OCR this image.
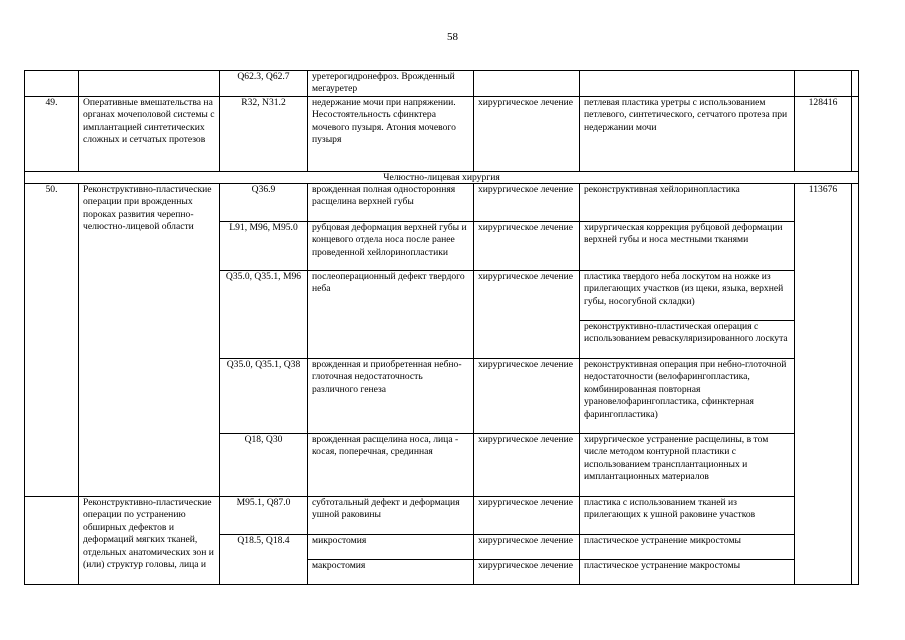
58
		Q62.3, Q62.7	уретерогидронефроз. Врожденный мегауретер				
49.	Оперативные вмешательства на органах мочеполовой системы с имплантацией синтетических сложных и сетчатых протезов	R32, N31.2	недержание мочи при напряжении. Несостоятельность сфинктера мочевого пузыря. Атония мочевого пузыря	хирургическое лечение	петлевая пластика уретры с использованием петлевого, синтетического, сетчатого протеза при недержании мочи	128416	
Челюстно-лицевая хирургия							
50.	Реконструктивно-пластические операции при врожденных пороках развития черепно-челюстно-лицевой области	Q36.9	врожденная полная односторонняя расщелина верхней губы	хирургическое лечение	реконструктивная хейлоринопластика	113676	
		L91, M96, M95.0	рубцовая деформация верхней губы и концевого отдела носа после ранее проведенной хейлоринопластики	хирургическое лечение	хирургическая коррекция рубцовой деформации верхней губы и носа местными тканями		
		Q35.0, Q35.1, M96	послеоперационный дефект твердого неба	хирургическое лечение	пластика твердого неба лоскутом на ножке из прилегающих участков (из щеки, языка, верхней губы, носогубной складки)		
					реконструктивно-пластическая операция с использованием реваскуляризированного лоскута		
		Q35.0, Q35.1, Q38	врожденная и приобретенная небно-глоточная недостаточность различного генеза	хирургическое лечение	реконструктивная операция при небно-глоточной недостаточности (велофарингопластика, комбинированная повторная урановелофарингопластика, сфинктерная фарингопластика)		
		Q18, Q30	врожденная расщелина носа, лица - косая, поперечная, срединная	хирургическое лечение	хирургическое устранение расщелины, в том числе методом контурной пластики с использованием трансплантационных и имплантационных материалов		
	Реконструктивно-пластические операции по устранению обширных дефектов и деформаций мягких тканей, отдельных анатомических зон и (или) структур головы, лица и	M95.1, Q87.0	субтотальный дефект и деформация ушной раковины	хирургическое лечение	пластика с использованием тканей из прилегающих к ушной раковине участков		
		Q18.5, Q18.4	микростомия	хирургическое лечение	пластическое устранение микростомы		
			макростомия	хирургическое лечение	пластическое устранение макростомы		
